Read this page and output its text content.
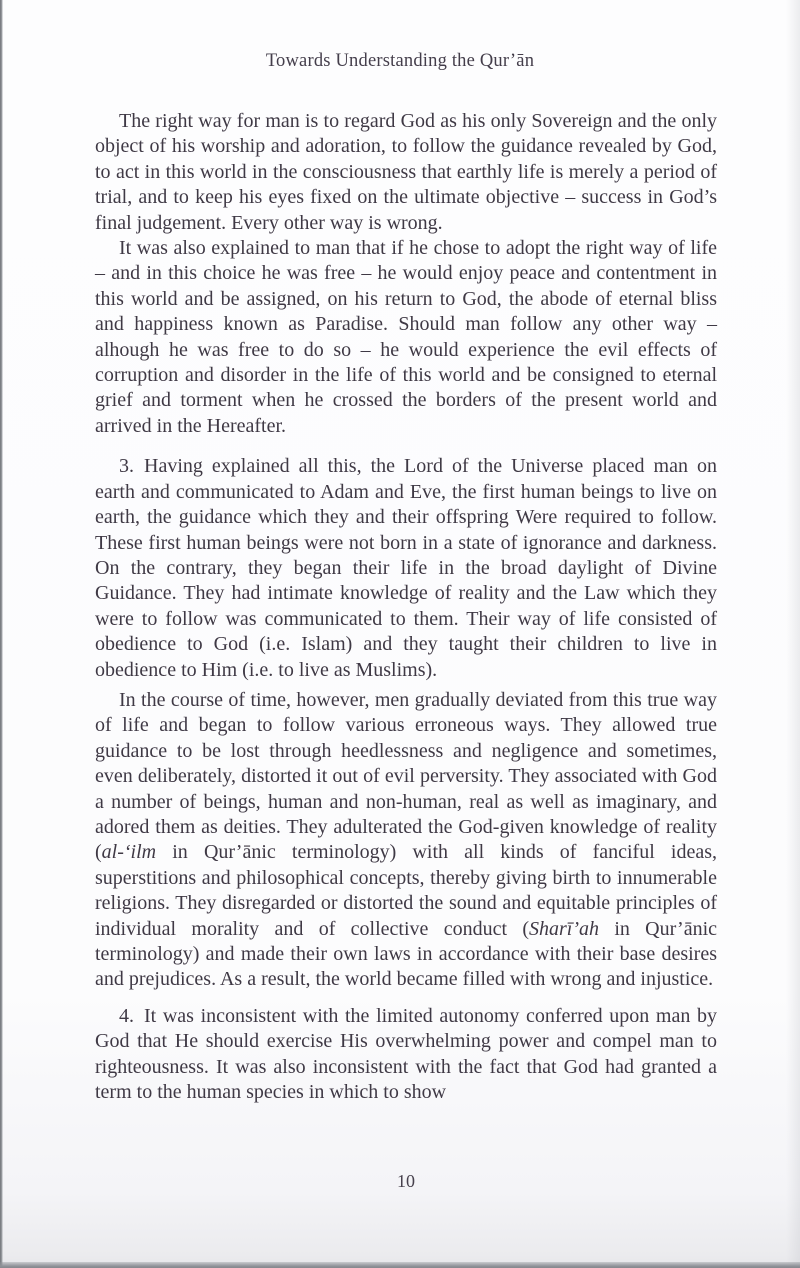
Towards Understanding the Qur’ān

The right way for man is to regard God as his only Sovereign and the only object of his worship and adoration, to follow the guidance revealed by God, to act in this world in the consciousness that earthly life is merely a period of trial, and to keep his eyes fixed on the ultimate objective – success in God’s final judgement. Every other way is wrong.

It was also explained to man that if he chose to adopt the right way of life – and in this choice he was free – he would enjoy peace and contentment in this world and be assigned, on his return to God, the abode of eternal bliss and happiness known as Paradise. Should man follow any other way – alhough he was free to do so – he would experience the evil effects of corruption and disorder in the life of this world and be consigned to eternal grief and torment when he crossed the borders of the present world and arrived in the Hereafter.

3. Having explained all this, the Lord of the Universe placed man on earth and communicated to Adam and Eve, the first human beings to live on earth, the guidance which they and their offspring Were required to follow. These first human beings were not born in a state of ignorance and darkness. On the contrary, they began their life in the broad daylight of Divine Guidance. They had intimate knowledge of reality and the Law which they were to follow was communicated to them. Their way of life consisted of obedience to God (i.e. Islam) and they taught their children to live in obedience to Him (i.e. to live as Muslims).

In the course of time, however, men gradually deviated from this true way of life and began to follow various erroneous ways. They allowed true guidance to be lost through heedlessness and negligence and sometimes, even deliberately, distorted it out of evil perversity. They associated with God a number of beings, human and non-human, real as well as imaginary, and adored them as deities. They adulterated the God-given knowledge of reality (al-‘ilm in Qur’ānic terminology) with all kinds of fanciful ideas, superstitions and philosophical concepts, thereby giving birth to innumerable religions. They disregarded or distorted the sound and equitable principles of individual morality and of collective conduct (Sharī’ah in Qur’ānic terminology) and made their own laws in accordance with their base desires and prejudices. As a result, the world became filled with wrong and injustice.

4. It was inconsistent with the limited autonomy conferred upon man by God that He should exercise His overwhelming power and compel man to righteousness. It was also inconsistent with the fact that God had granted a term to the human species in which to show

10
